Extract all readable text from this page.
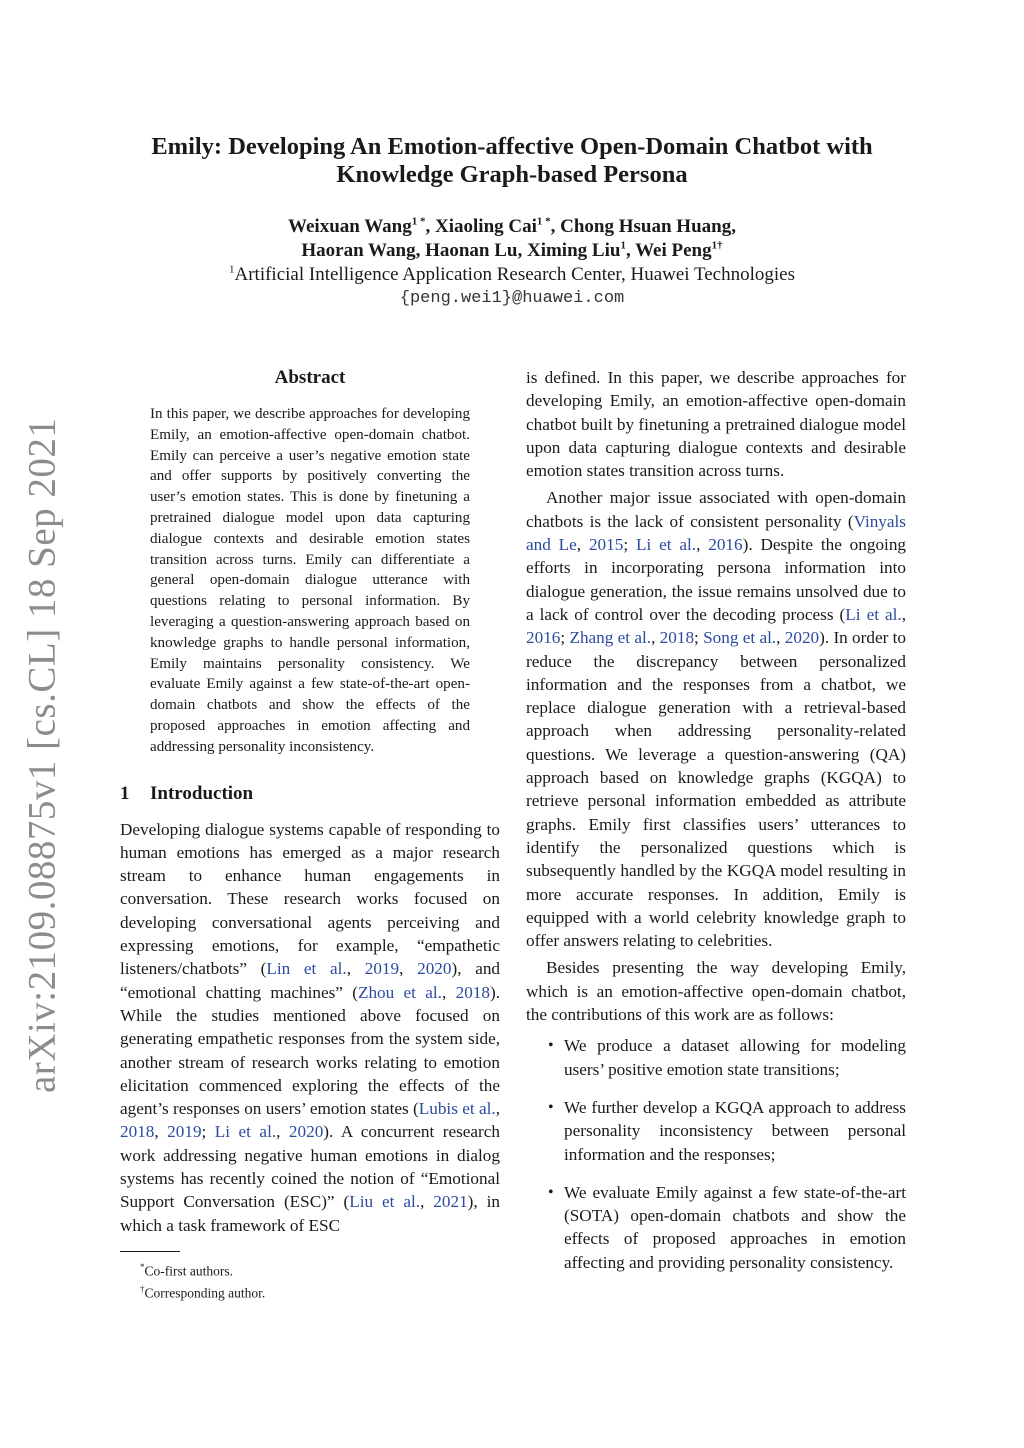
arXiv:2109.08875v1 [cs.CL] 18 Sep 2021
Emily: Developing An Emotion-affective Open-Domain Chatbot with
Knowledge Graph-based Persona
Weixuan Wang$^{1 *}$, Xiaoling Cai$^{1 *}$, Chong Hsuan Huang,
Haoran Wang, Haonan Lu, Ximing Liu$^1$, Wei Peng$^{1\dagger}$
$^1$Artificial Intelligence Application Research Center, Huawei Technologies
{peng.wei1}@huawei.com
Abstract

In this paper, we describe approaches for developing Emily, an emotion-affective open-domain chatbot. Emily can perceive a user’s negative emotion state and offer supports by positively converting the user’s emotion states. This is done by finetuning a pretrained dialogue model upon data capturing dialogue contexts and desirable emotion states transition across turns. Emily can differentiate a general open-domain dialogue utterance with questions relating to personal information. By leveraging a question-answering approach based on knowledge graphs to handle personal information, Emily maintains personality consistency. We evaluate Emily against a few state-of-the-art open-domain chatbots and show the effects of the proposed approaches in emotion affecting and addressing personality inconsistency.

1 Introduction

Developing dialogue systems capable of responding to human emotions has emerged as a major research stream to enhance human engagements in conversation. These research works focused on developing conversational agents perceiving and expressing emotions, for example, “empathetic listeners/chatbots” (Lin et al., 2019, 2020), and “emotional chatting machines” (Zhou et al., 2018). While the studies mentioned above focused on generating empathetic responses from the system side, another stream of research works relating to emotion elicitation commenced exploring the effects of the agent’s responses on users’ emotion states (Lubis et al., 2018, 2019; Li et al., 2020). A concurrent research work addressing negative human emotions in dialog systems has recently coined the notion of “Emotional Support Conversation (ESC)” (Liu et al., 2021), in which a task framework of ESC

*Co-first authors.

†Corresponding author.

is defined. In this paper, we describe approaches for developing Emily, an emotion-affective open-domain chatbot built by finetuning a pretrained dialogue model upon data capturing dialogue contexts and desirable emotion states transition across turns.

Another major issue associated with open-domain chatbots is the lack of consistent personality (Vinyals and Le, 2015; Li et al., 2016). Despite the ongoing efforts in incorporating persona information into dialogue generation, the issue remains unsolved due to a lack of control over the decoding process (Li et al., 2016; Zhang et al., 2018; Song et al., 2020). In order to reduce the discrepancy between personalized information and the responses from a chatbot, we replace dialogue generation with a retrieval-based approach when addressing personality-related questions. We leverage a question-answering (QA) approach based on knowledge graphs (KGQA) to retrieve personal information embedded as attribute graphs. Emily first classifies users’ utterances to identify the personalized questions which is subsequently handled by the KGQA model resulting in more accurate responses. In addition, Emily is equipped with a world celebrity knowledge graph to offer answers relating to celebrities.

Besides presenting the way developing Emily, which is an emotion-affective open-domain chatbot, the contributions of this work are as follows:

• We produce a dataset allowing for modeling users’ positive emotion state transitions;
• We further develop a KGQA approach to address personality inconsistency between personal information and the responses;
• We evaluate Emily against a few state-of-the-art (SOTA) open-domain chatbots and show the effects of proposed approaches in emotion affecting and providing personality consistency.
